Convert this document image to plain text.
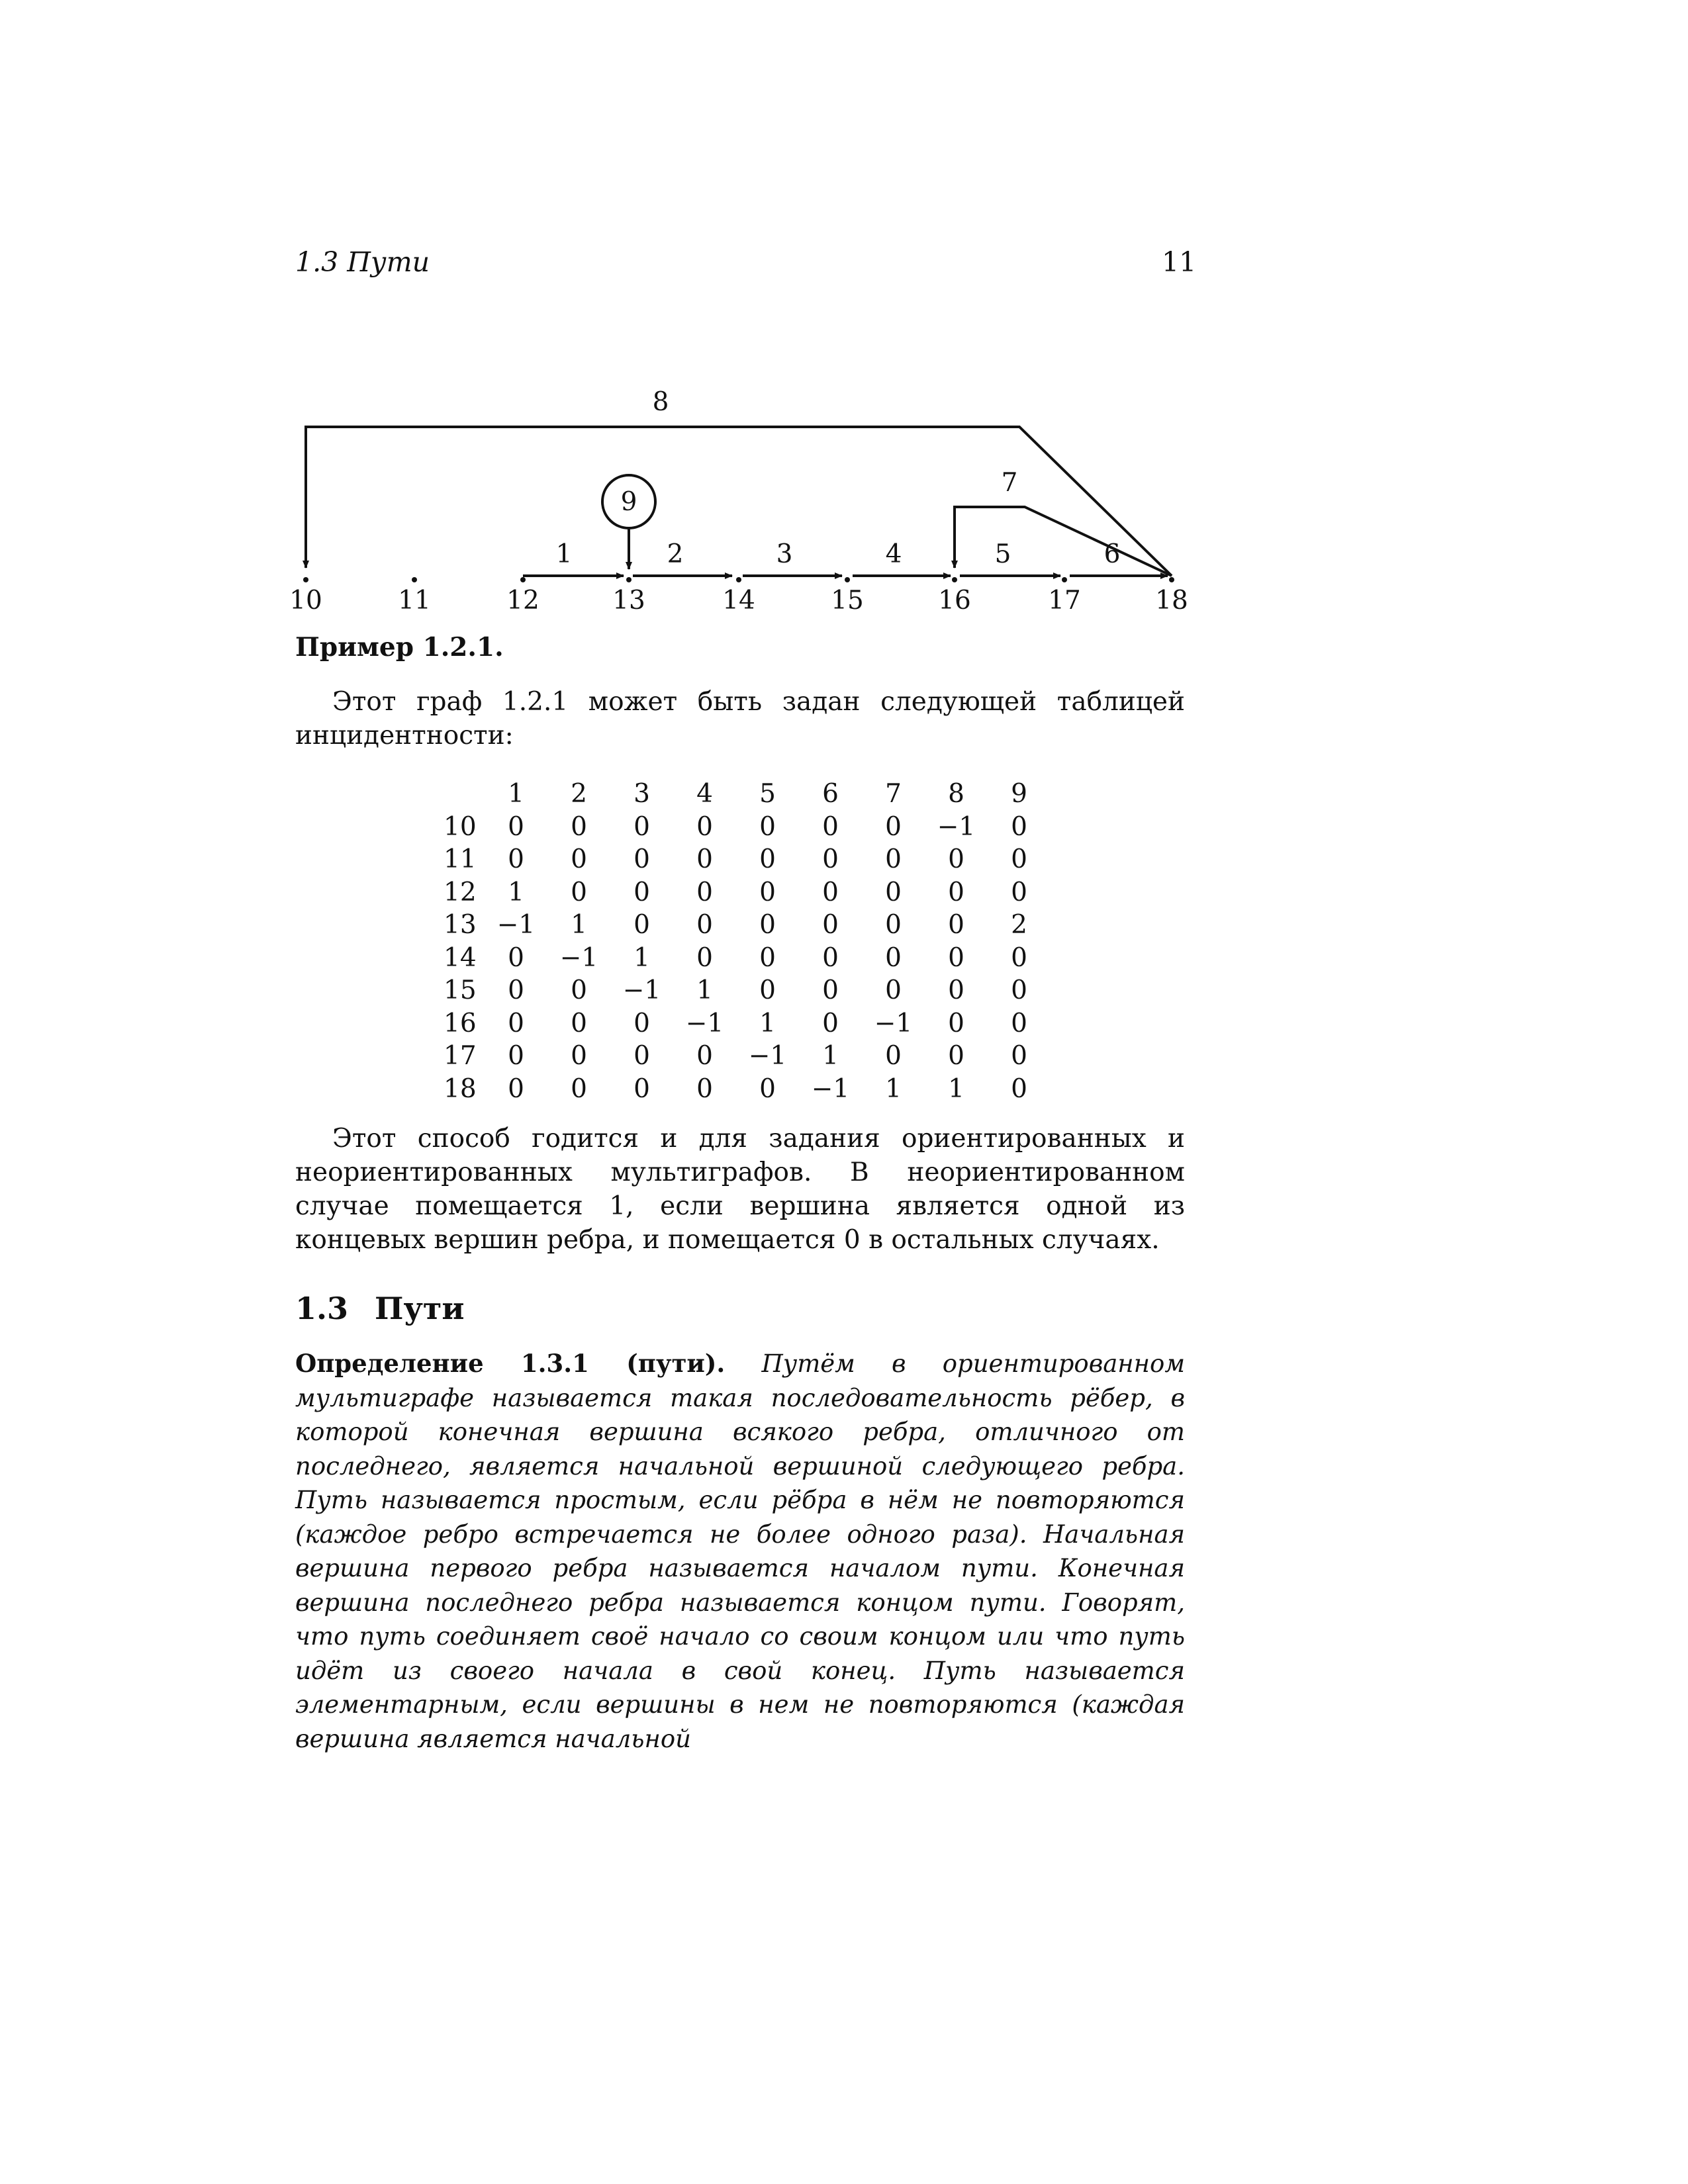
1.3 Пути	11
8
7
9
1	2	3	4	5	6
10	11	12	13	14	15	16	17	18
Пример 1.2.1.
Этот граф 1.2.1 может быть задан следующей таблицей инцидентности:
	1	2	3	4	5	6	7	8	9
10	0	0	0	0	0	0	0	−1	0
11	0	0	0	0	0	0	0	0	0
12	1	0	0	0	0	0	0	0	0
13	−1	1	0	0	0	0	0	0	2
14	0	−1	1	0	0	0	0	0	0
15	0	0	−1	1	0	0	0	0	0
16	0	0	0	−1	1	0	−1	0	0
17	0	0	0	0	−1	1	0	0	0
18	0	0	0	0	0	−1	1	1	0
Этот способ годится и для задания ориентированных и неориентированных мультиграфов. В неориентированном случае помещается 1, если вершина является одной из концевых вершин ребра, и помещается 0 в остальных случаях.
1.3 Пути
Определение 1.3.1 (пути). Путём в ориентированном мультиграфе называется такая последовательность рёбер, в которой конечная вершина всякого ребра, отличного от последнего, является начальной вершиной следующего ребра. Путь называется простым, если рёбра в нём не повторяются (каждое ребро встречается не более одного раза). Начальная вершина первого ребра называется началом пути. Конечная вершина последнего ребра называется концом пути. Говорят, что путь соединяет своё начало со своим концом или что путь идёт из своего начала в свой конец. Путь называется элементарным, если вершины в нем не повторяются (каждая вершина является начальной
